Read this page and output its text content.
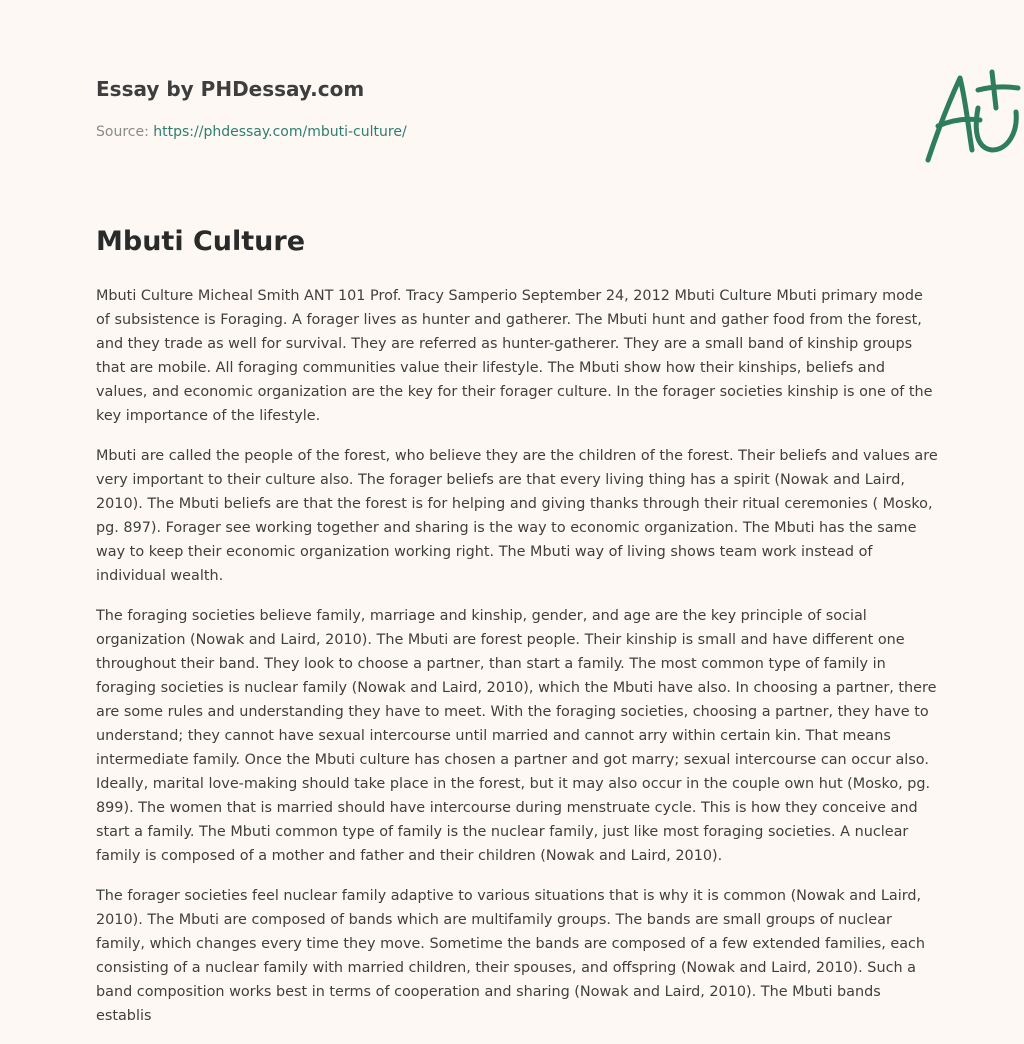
Essay by PHDessay.com
Source: https://phdessay.com/mbuti-culture/
Mbuti Culture

Mbuti Culture Micheal Smith ANT 101 Prof. Tracy Samperio September 24, 2012 Mbuti Culture Mbuti primary mode of subsistence is Foraging. A forager lives as hunter and gatherer. The Mbuti hunt and gather food from the forest, and they trade as well for survival. They are referred as hunter-gatherer. They are a small band of kinship groups that are mobile. All foraging communities value their lifestyle. The Mbuti show how their kinships, beliefs and values, and economic organization are the key for their forager culture. In the forager societies kinship is one of the key importance of the lifestyle.

Mbuti are called the people of the forest, who believe they are the children of the forest. Their beliefs and values are very important to their culture also. The forager beliefs are that every living thing has a spirit (Nowak and Laird, 2010). The Mbuti beliefs are that the forest is for helping and giving thanks through their ritual ceremonies ( Mosko, pg. 897). Forager see working together and sharing is the way to economic organization. The Mbuti has the same way to keep their economic organization working right. The Mbuti way of living shows team work instead of individual wealth.

The foraging societies believe family, marriage and kinship, gender, and age are the key principle of social organization (Nowak and Laird, 2010). The Mbuti are forest people. Their kinship is small and have different one throughout their band. They look to choose a partner, than start a family. The most common type of family in foraging societies is nuclear family (Nowak and Laird, 2010), which the Mbuti have also. In choosing a partner, there are some rules and understanding they have to meet. With the foraging societies, choosing a partner, they have to understand; they cannot have sexual intercourse until married and cannot arry within certain kin. That means intermediate family. Once the Mbuti culture has chosen a partner and got marry; sexual intercourse can occur also. Ideally, marital love-making should take place in the forest, but it may also occur in the couple own hut (Mosko, pg. 899). The women that is married should have intercourse during menstruate cycle. This is how they conceive and start a family. The Mbuti common type of family is the nuclear family, just like most foraging societies. A nuclear family is composed of a mother and father and their children (Nowak and Laird, 2010).

The forager societies feel nuclear family adaptive to various situations that is why it is common (Nowak and Laird, 2010). The Mbuti are composed of bands which are multifamily groups. The bands are small groups of nuclear family, which changes every time they move. Sometime the bands are composed of a few extended families, each consisting of a nuclear family with married children, their spouses, and offspring (Nowak and Laird, 2010). Such a band composition works best in terms of cooperation and sharing (Nowak and Laird, 2010). The Mbuti bands establis
